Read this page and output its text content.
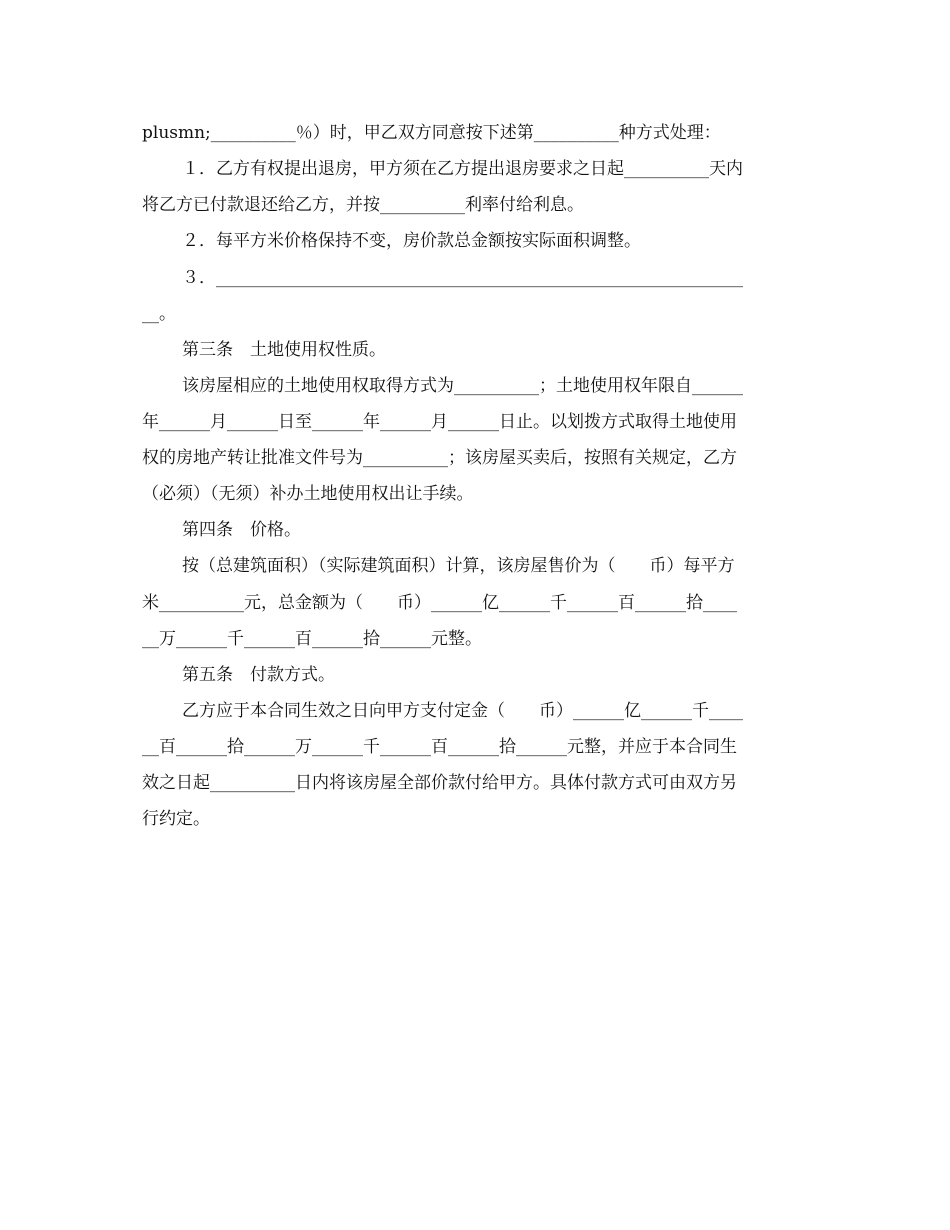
plusmn;__________％）时，甲乙双方同意按下述第__________种方式处理：
１．乙方有权提出退房，甲方须在乙方提出退房要求之日起__________天内
将乙方已付款退还给乙方，并按__________利率付给利息。
２．每平方米价格保持不变，房价款总金额按实际面积调整。
３．______________________________________________________________
__。
第三条　土地使用权性质。
该房屋相应的土地使用权取得方式为__________；土地使用权年限自______
年______月______日至______年______月______日止。以划拨方式取得土地使用
权的房地产转让批准文件号为__________；该房屋买卖后，按照有关规定，乙方
（必须）（无须）补办土地使用权出让手续。
第四条　价格。
按（总建筑面积）（实际建筑面积）计算，该房屋售价为（　　币）每平方
米__________元，总金额为（　　币）______亿______千______百______拾____
__万______千______百______拾______元整。
第五条　付款方式。
乙方应于本合同生效之日向甲方支付定金（　　币）______亿______千____
__百______拾______万______千______百______拾______元整，并应于本合同生
效之日起__________日内将该房屋全部价款付给甲方。具体付款方式可由双方另
行约定。
